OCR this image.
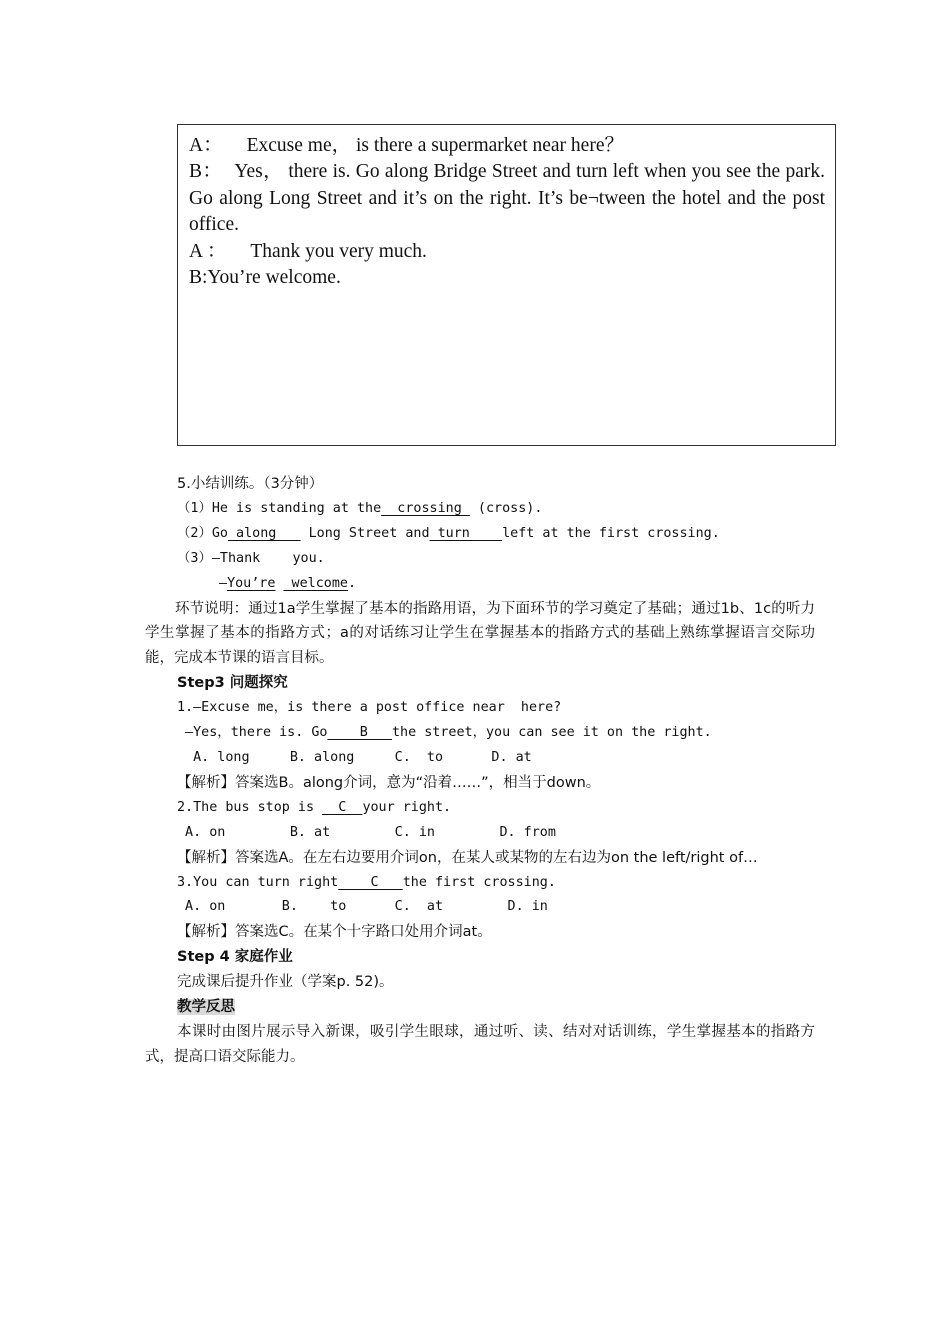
A： Excuse me， is there a supermarket near here？

B： Yes， there is. Go along Bridge Street and turn left when you see the park. Go along Long Street and it’s on the right. It’s be¬tween the hotel and the post office.

A ： Thank you very much.

B:You’re welcome.

5.小结训练。（3分钟）

（1）He is standing at the  crossing  (cross).

（2）Go along    Long Street and turn    left at the first crossing.

（3）—Thank    you.

—You’re  welcome.

环节说明：通过1a学生掌握了基本的指路用语，为下面环节的学习奠定了基础；通过1b、1c的听力学生掌握了基本的指路方式；a的对话练习让学生在掌握基本的指路方式的基础上熟练掌握语言交际功能，完成本节课的语言目标。

Step3 问题探究

1.—Excuse me，is there a post office near  here?

—Yes，there is. Go    B   the street，you can see it on the right.

A. long     B. along     C.  to      D. at

【解析】答案选B。along介词，意为“沿着……”，相当于down。

2.The bus stop is   C  your right.

A. on        B. at        C. in        D. from

【解析】答案选A。在左右边要用介词on，在某人或某物的左右边为on the left/right of…

3.You can turn right    C   the first crossing.

A. on       B.    to      C.  at        D. in

【解析】答案选C。在某个十字路口处用介词at。

Step 4 家庭作业

完成课后提升作业（学案p. 52)。

教学反思

本课时由图片展示导入新课，吸引学生眼球，通过听、读、结对对话训练，学生掌握基本的指路方式，提高口语交际能力。
